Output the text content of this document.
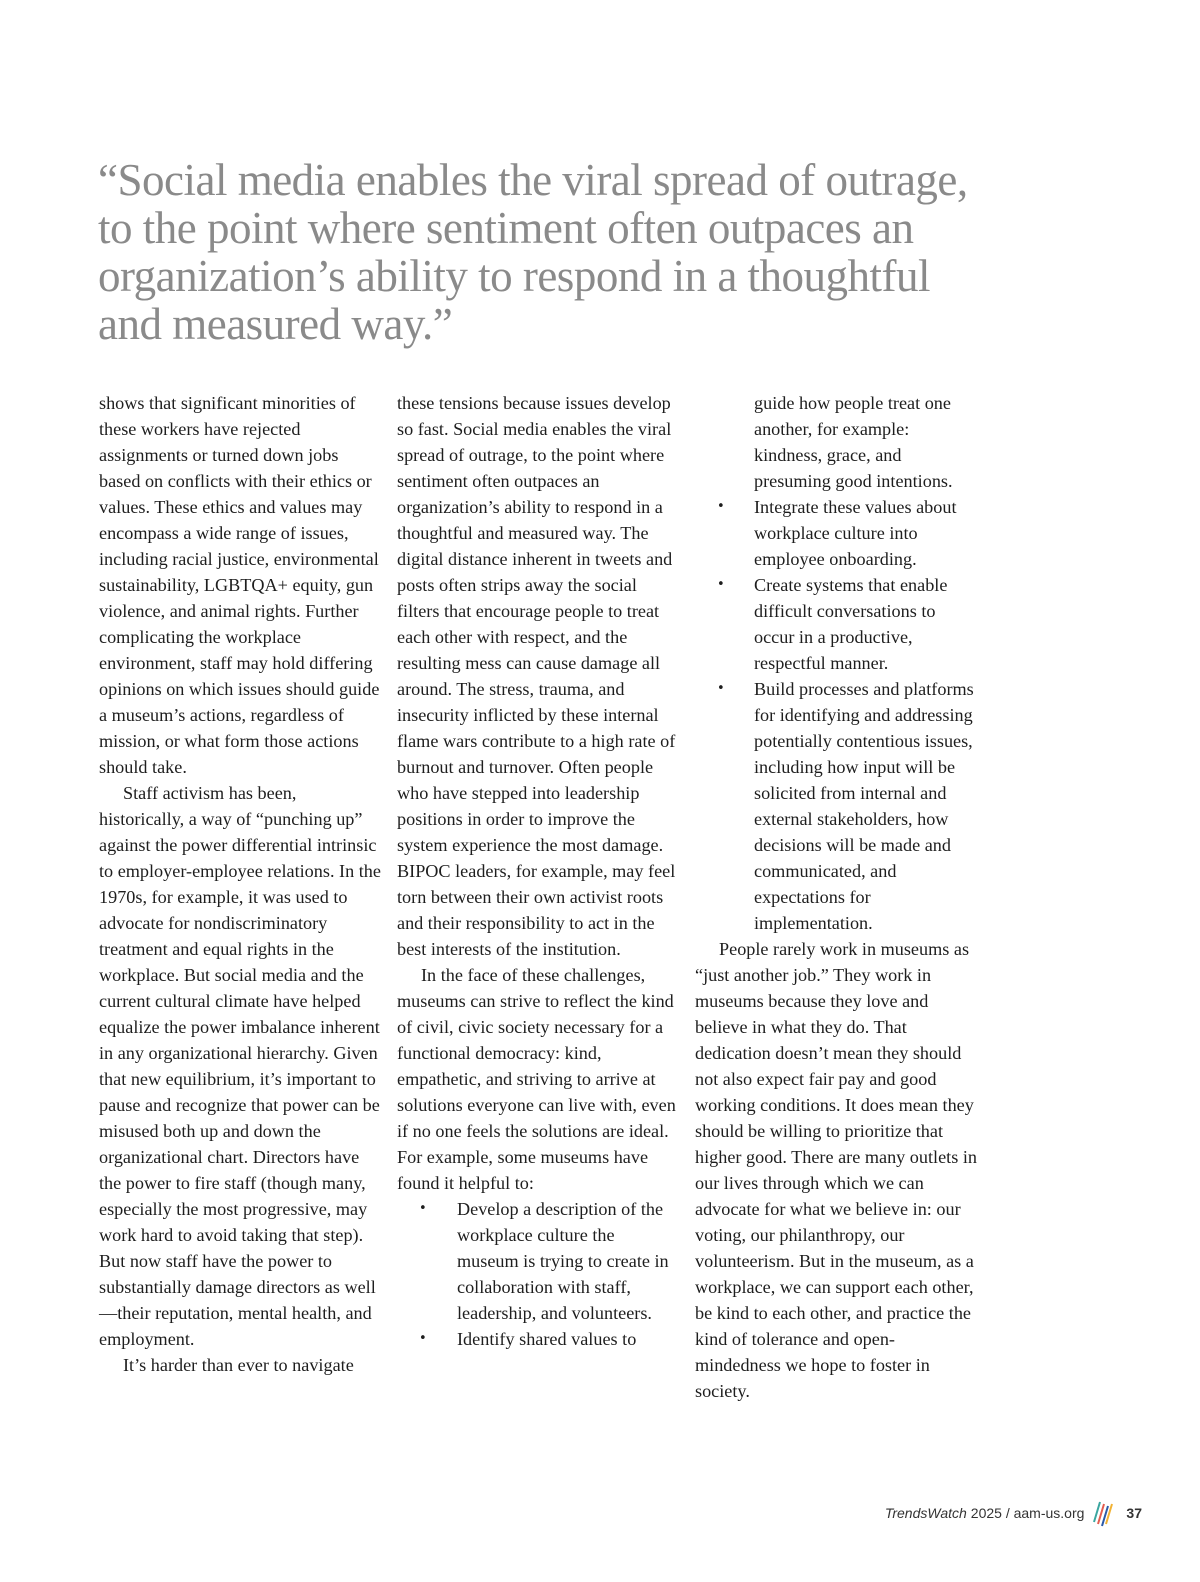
“Social media enables the viral spread of outrage, to the point where sentiment often outpaces an organization’s ability to respond in a thoughtful and measured way.”

shows that significant minorities of these workers have rejected assignments or turned down jobs based on conflicts with their ethics or values. These ethics and values may encompass a wide range of issues, including racial justice, environmental sustainability, LGBTQA+ equity, gun violence, and animal rights. Further complicating the workplace environment, staff may hold differing opinions on which issues should guide a museum’s actions, regardless of mission, or what form those actions should take.

Staff activism has been, historically, a way of “punching up” against the power differential intrinsic to employer-employee relations. In the 1970s, for example, it was used to advocate for nondiscriminatory treatment and equal rights in the workplace. But social media and the current cultural climate have helped equalize the power imbalance inherent in any organizational hierarchy. Given that new equilibrium, it’s important to pause and recognize that power can be misused both up and down the organizational chart. Directors have the power to fire staff (though many, especially the most progressive, may work hard to avoid taking that step). But now staff have the power to substantially damage directors as well—their reputation, mental health, and employment.

It’s harder than ever to navigate

these tensions because issues develop so fast. Social media enables the viral spread of outrage, to the point where sentiment often outpaces an organization’s ability to respond in a thoughtful and measured way. The digital distance inherent in tweets and posts often strips away the social filters that encourage people to treat each other with respect, and the resulting mess can cause damage all around. The stress, trauma, and insecurity inflicted by these internal flame wars contribute to a high rate of burnout and turnover. Often people who have stepped into leadership positions in order to improve the system experience the most damage. BIPOC leaders, for example, may feel torn between their own activist roots and their responsibility to act in the best interests of the institution.

In the face of these challenges, museums can strive to reflect the kind of civil, civic society necessary for a functional democracy: kind, empathetic, and striving to arrive at solutions everyone can live with, even if no one feels the solutions are ideal. For example, some museums have found it helpful to:

• Develop a description of the workplace culture the museum is trying to create in collaboration with staff, leadership, and volunteers.
• Identify shared values to

guide how people treat one another, for example: kindness, grace, and presuming good intentions.

• Integrate these values about workplace culture into employee onboarding.
• Create systems that enable difficult conversations to occur in a productive, respectful manner.
• Build processes and platforms for identifying and addressing potentially contentious issues, including how input will be solicited from internal and external stakeholders, how decisions will be made and communicated, and expectations for implementation.

People rarely work in museums as “just another job.” They work in museums because they love and believe in what they do. That dedication doesn’t mean they should not also expect fair pay and good working conditions. It does mean they should be willing to prioritize that higher good. There are many outlets in our lives through which we can advocate for what we believe in: our voting, our philanthropy, our volunteerism. But in the museum, as a workplace, we can support each other, be kind to each other, and practice the kind of tolerance and open-mindedness we hope to foster in society.

TrendsWatch 2025 / aam-us.org	37
